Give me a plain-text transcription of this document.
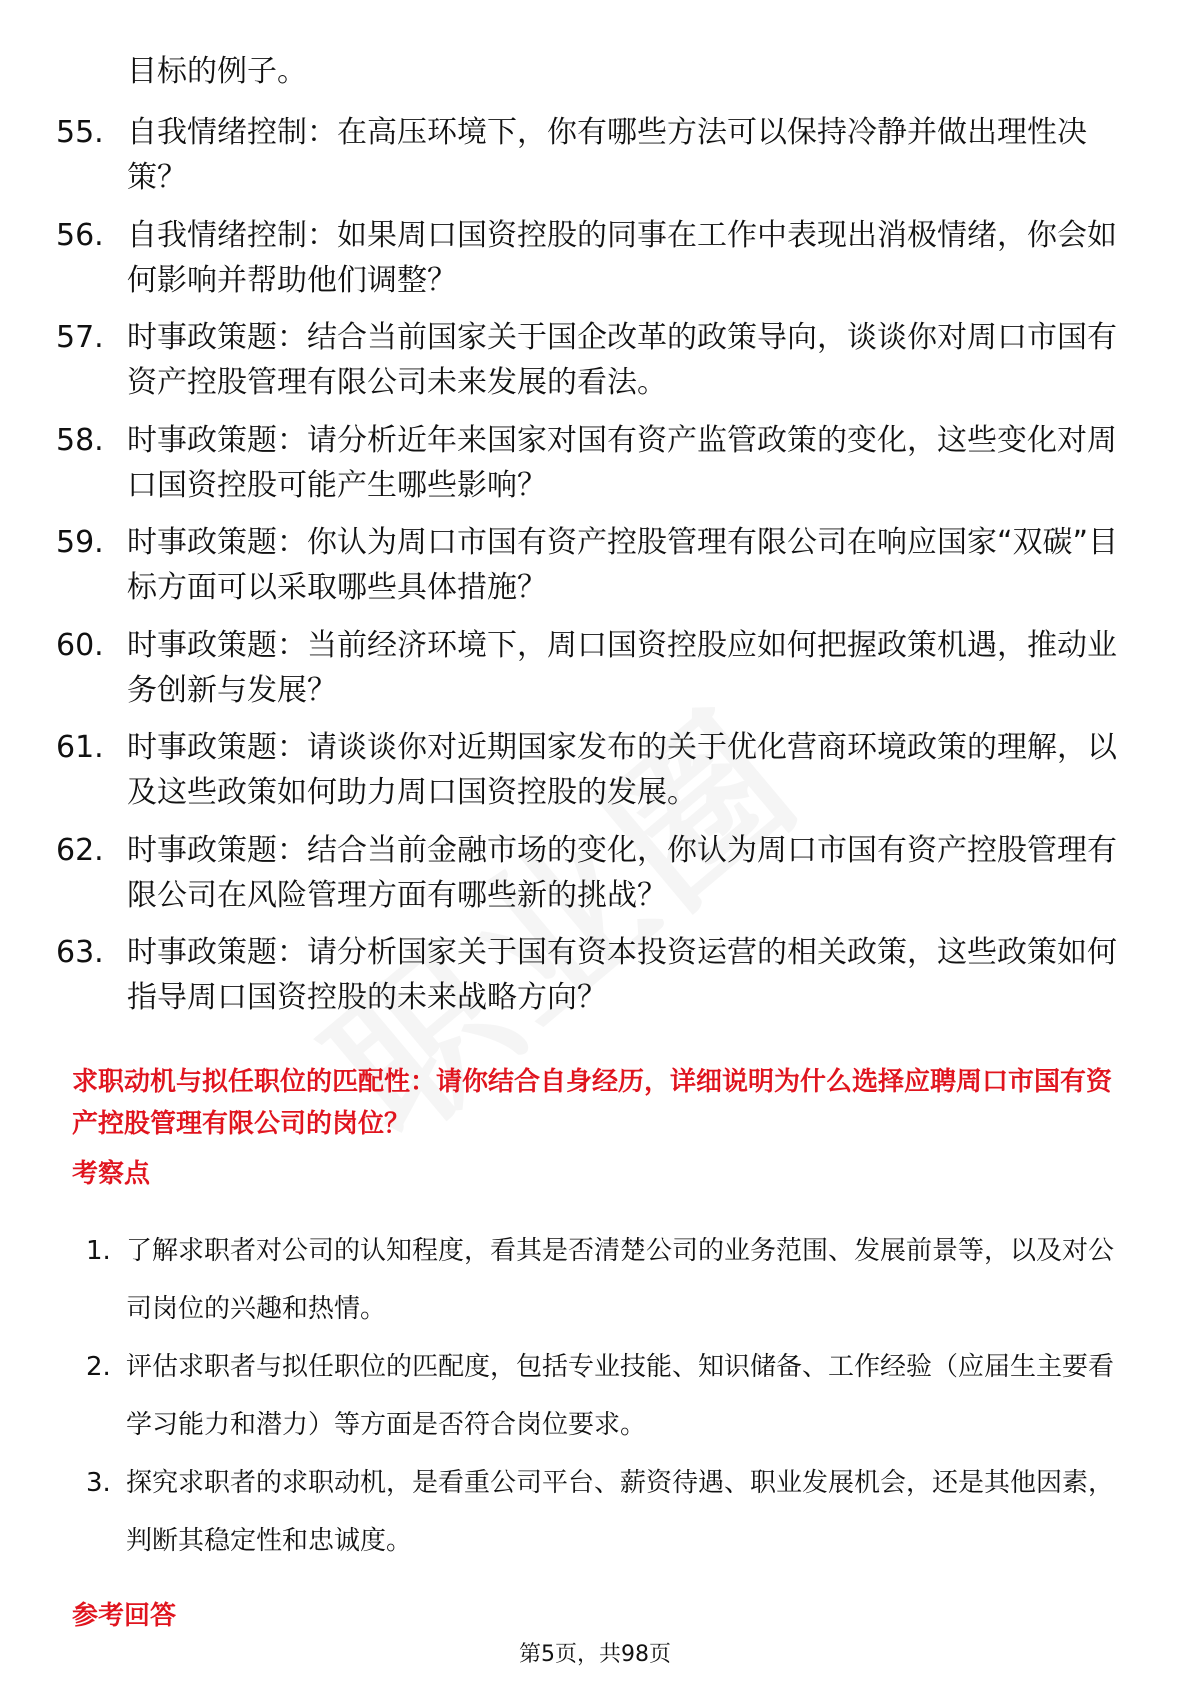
目标的例子。
55. 自我情绪控制：在高压环境下，你有哪些方法可以保持冷静并做出理性决策？
56. 自我情绪控制：如果周口国资控股的同事在工作中表现出消极情绪，你会如何影响并帮助他们调整？
57. 时事政策题：结合当前国家关于国企改革的政策导向，谈谈你对周口市国有资产控股管理有限公司未来发展的看法。
58. 时事政策题：请分析近年来国家对国有资产监管政策的变化，这些变化对周口国资控股可能产生哪些影响？
59. 时事政策题：你认为周口市国有资产控股管理有限公司在响应国家“双碳”目标方面可以采取哪些具体措施？
60. 时事政策题：当前经济环境下，周口国资控股应如何把握政策机遇，推动业务创新与发展？
61. 时事政策题：请谈谈你对近期国家发布的关于优化营商环境政策的理解，以及这些政策如何助力周口国资控股的发展。
62. 时事政策题：结合当前金融市场的变化，你认为周口市国有资产控股管理有限公司在风险管理方面有哪些新的挑战？
63. 时事政策题：请分析国家关于国有资本投资运营的相关政策，这些政策如何指导周口国资控股的未来战略方向？
求职动机与拟任职位的匹配性：请你结合自身经历，详细说明为什么选择应聘周口市国有资产控股管理有限公司的岗位？
考察点
1. 了解求职者对公司的认知程度，看其是否清楚公司的业务范围、发展前景等，以及对公司岗位的兴趣和热情。
2. 评估求职者与拟任职位的匹配度，包括专业技能、知识储备、工作经验（应届生主要看学习能力和潜力）等方面是否符合岗位要求。
3. 探究求职者的求职动机，是看重公司平台、薪资待遇、职业发展机会，还是其他因素，判断其稳定性和忠诚度。
参考回答
第5页，共98页
